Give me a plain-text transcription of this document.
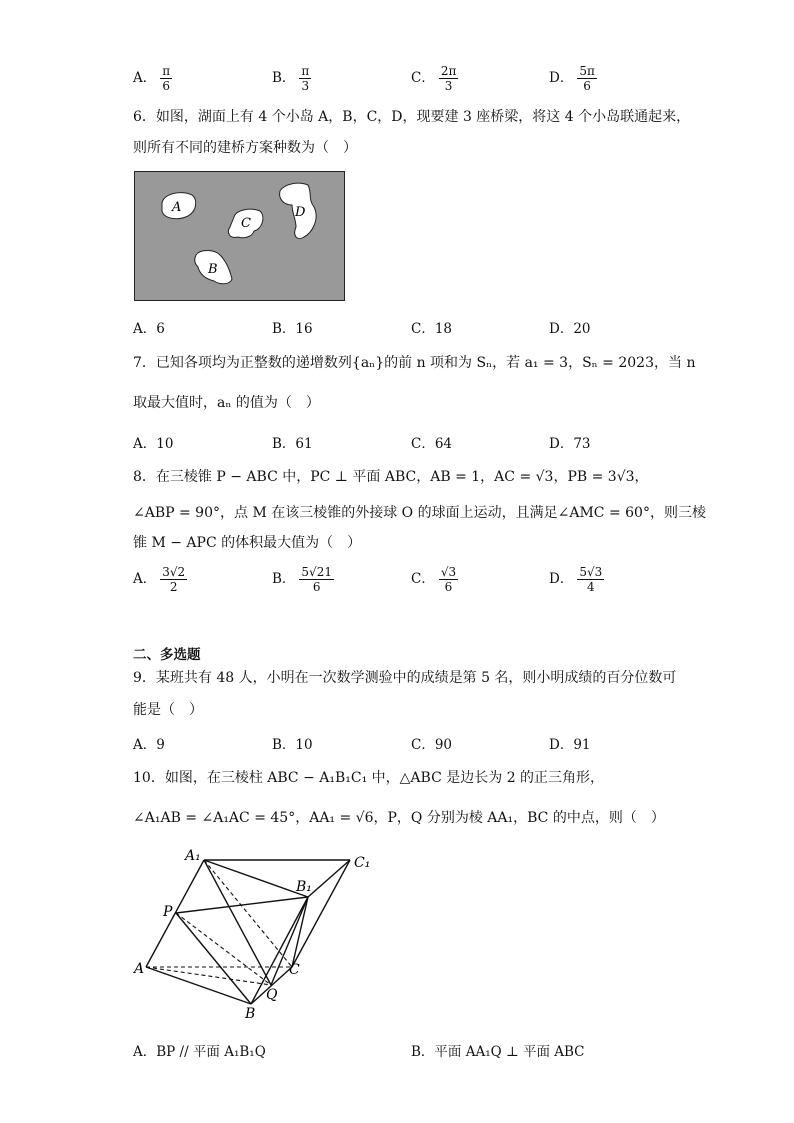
A． $\frac{\pi}{6}$	B． $\frac{\pi}{3}$	C． $\frac{2\pi}{3}$	D． $\frac{5\pi}{6}$
6．如图，湖面上有 4 个小岛 A，B，C，D，现要建 3 座桥梁，将这 4 个小岛联通起来，
则所有不同的建桥方案种数为（　）
A
B
C
D
A．6	B．16	C．18	D．20
7．已知各项均为正整数的递增数列{aₙ}的前 n 项和为 Sₙ，若 a₁ = 3，Sₙ = 2023，当 n
取最大值时，aₙ 的值为（　）
A．10	B．61	C．64	D．73
8．在三棱锥 P − ABC 中，PC ⊥ 平面 ABC，AB = 1，AC = √3，PB = 3√3，
∠ABP = 90°，点 M 在该三棱锥的外接球 O 的球面上运动，且满足∠AMC = 60°，则三棱
锥 M − APC 的体积最大值为（　）
A． $\frac{3√2}{2}$	B． $\frac{5√21}{6}$	C． $\frac{√3}{6}$	D． $\frac{5√3}{4}$
二、多选题
9．某班共有 48 人，小明在一次数学测验中的成绩是第 5 名，则小明成绩的百分位数可
能是（　）
A．9	B．10	C．90	D．91
10．如图，在三棱柱 ABC − A₁B₁C₁ 中，△ABC 是边长为 2 的正三角形，
∠A₁AB = ∠A₁AC = 45°，AA₁ = √6，P，Q 分别为棱 AA₁，BC 的中点，则（　）
A₁	C₁
B₁
P
A	C
Q
B
A．BP // 平面 A₁B₁Q	B．平面 AA₁Q ⊥ 平面 ABC
